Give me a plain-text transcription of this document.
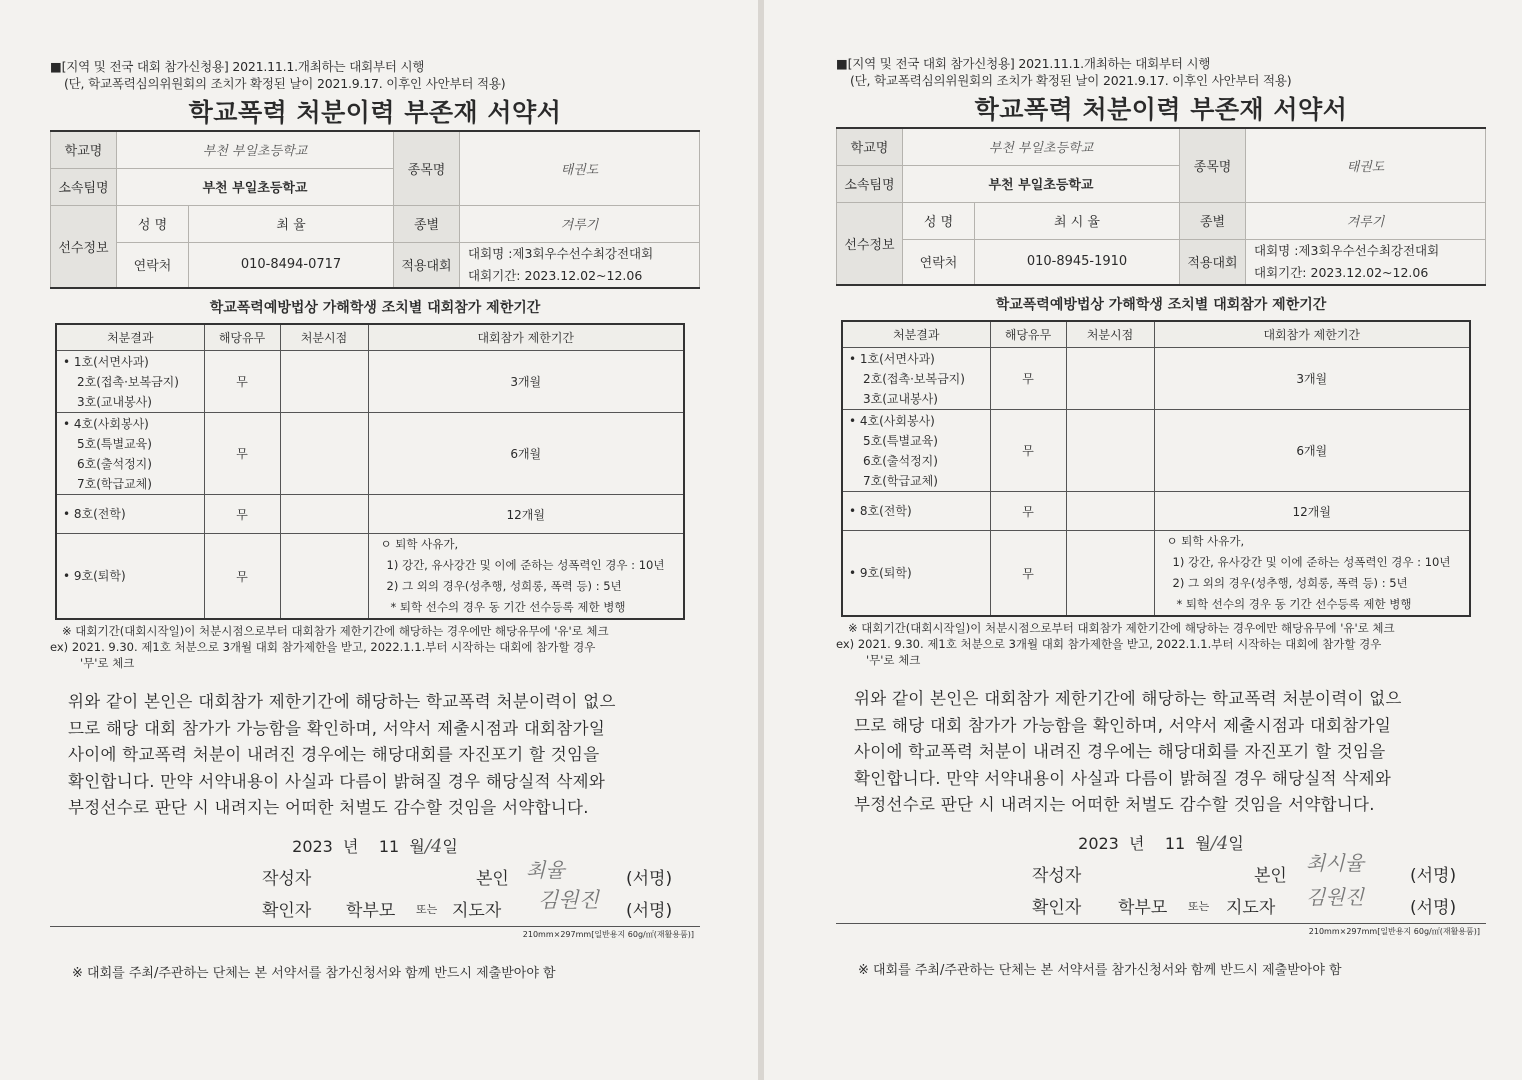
■[지역 및 전국 대회 참가신청용] 2021.11.1.개최하는 대회부터 시행
(단, 학교폭력심의위원회의 조치가 확정된 날이 2021.9.17. 이후인 사안부터 적용)
학교폭력 처분이력 부존재 서약서
학교명	부천 부일초등학교		종목명	태권도
소속팀명	부천 부일초등학교			
선수정보	성 명	최 율	종별	겨루기
	연락처	010-8494-0717	적용대회	대회명 :제3회우수선수최강전대회
대회기간: 2023.12.02~12.06
학교폭력예방법상 가해학생 조치별 대회참가 제한기간
처분결과	해당유무	처분시점	대회참가 제한기간

• 1호(서면사과)
2호(접촉·보복금지)
3호(교내봉사)	무		3개월

• 4호(사회봉사)
5호(특별교육)
6호(출석정지)
7호(학급교체)	무		6개월

• 8호(전학)	무		12개월

• 9호(퇴학)	무		ㅇ 퇴학 사유가,
1) 강간, 유사강간 및 이에 준하는 성폭력인 경우 : 10년
2) 그 외의 경우(성추행, 성희롱, 폭력 등) : 5년
* 퇴학 선수의 경우 동 기간 선수등록 제한 병행
※ 대회기간(대회시작일)이 처분시점으로부터 대회참가 제한기간에 해당하는 경우에만 해당유무에 '유'로 체크
ex) 2021. 9.30. 제1호 처분으로 3개월 대회 참가제한을 받고, 2022.1.1.부터 시작하는 대회에 참가할 경우
'무'로 체크
위와 같이 본인은 대회참가 제한기간에 해당하는 학교폭력 처분이력이 없으
므로 해당 대회 참가가 가능함을 확인하며, 서약서 제출시점과 대회참가일
사이에 학교폭력 처분이 내려진 경우에는 해당대회를 자진포기 할 것임을
확인합니다. 만약 서약내용이 사실과 다름이 밝혀질 경우 해당실적 삭제와
부정선수로 판단 시 내려지는 어떠한 처벌도 감수할 것임을 서약합니다.
2023 년 11 월/4일
작성자	본인 최율	(서명)
확인자 학부모 또는 지도자 김원진 (서명)
210mm×297mm[일반용지 60g/㎡(재활용품)]
※ 대회를 주최/주관하는 단체는 본 서약서를 참가신청서와 함께 반드시 제출받아야 함
■[지역 및 전국 대회 참가신청용] 2021.11.1.개최하는 대회부터 시행
(단, 학교폭력심의위원회의 조치가 확정된 날이 2021.9.17. 이후인 사안부터 적용)
학교폭력 처분이력 부존재 서약서
학교명	부천 부일초등학교		종목명	태권도
소속팀명	부천 부일초등학교			
선수정보	성 명	최 시 율	종별	겨루기
	연락처	010-8945-1910	적용대회	대회명 :제3회우수선수최강전대회
대회기간: 2023.12.02~12.06
학교폭력예방법상 가해학생 조치별 대회참가 제한기간
처분결과	해당유무	처분시점	대회참가 제한기간

• 1호(서면사과)
2호(접촉·보복금지)
3호(교내봉사)	무		3개월

• 4호(사회봉사)
5호(특별교육)
6호(출석정지)
7호(학급교체)	무		6개월

• 8호(전학)	무		12개월

• 9호(퇴학)	무		ㅇ 퇴학 사유가,
1) 강간, 유사강간 및 이에 준하는 성폭력인 경우 : 10년
2) 그 외의 경우(성추행, 성희롱, 폭력 등) : 5년
* 퇴학 선수의 경우 동 기간 선수등록 제한 병행
※ 대회기간(대회시작일)이 처분시점으로부터 대회참가 제한기간에 해당하는 경우에만 해당유무에 '유'로 체크
ex) 2021. 9.30. 제1호 처분으로 3개월 대회 참가제한을 받고, 2022.1.1.부터 시작하는 대회에 참가할 경우
'무'로 체크
위와 같이 본인은 대회참가 제한기간에 해당하는 학교폭력 처분이력이 없으
므로 해당 대회 참가가 가능함을 확인하며, 서약서 제출시점과 대회참가일
사이에 학교폭력 처분이 내려진 경우에는 해당대회를 자진포기 할 것임을
확인합니다. 만약 서약내용이 사실과 다름이 밝혀질 경우 해당실적 삭제와
부정선수로 판단 시 내려지는 어떠한 처벌도 감수할 것임을 서약합니다.
2023 년 11 월/4일
작성자	본인
최시율
(서명)
확인자 학부모 또는 지도자 김원진	(서명)
210mm×297mm[일반용지 60g/㎡(재활용품)]
※ 대회를 주최/주관하는 단체는 본 서약서를 참가신청서와 함께 반드시 제출받아야 함
